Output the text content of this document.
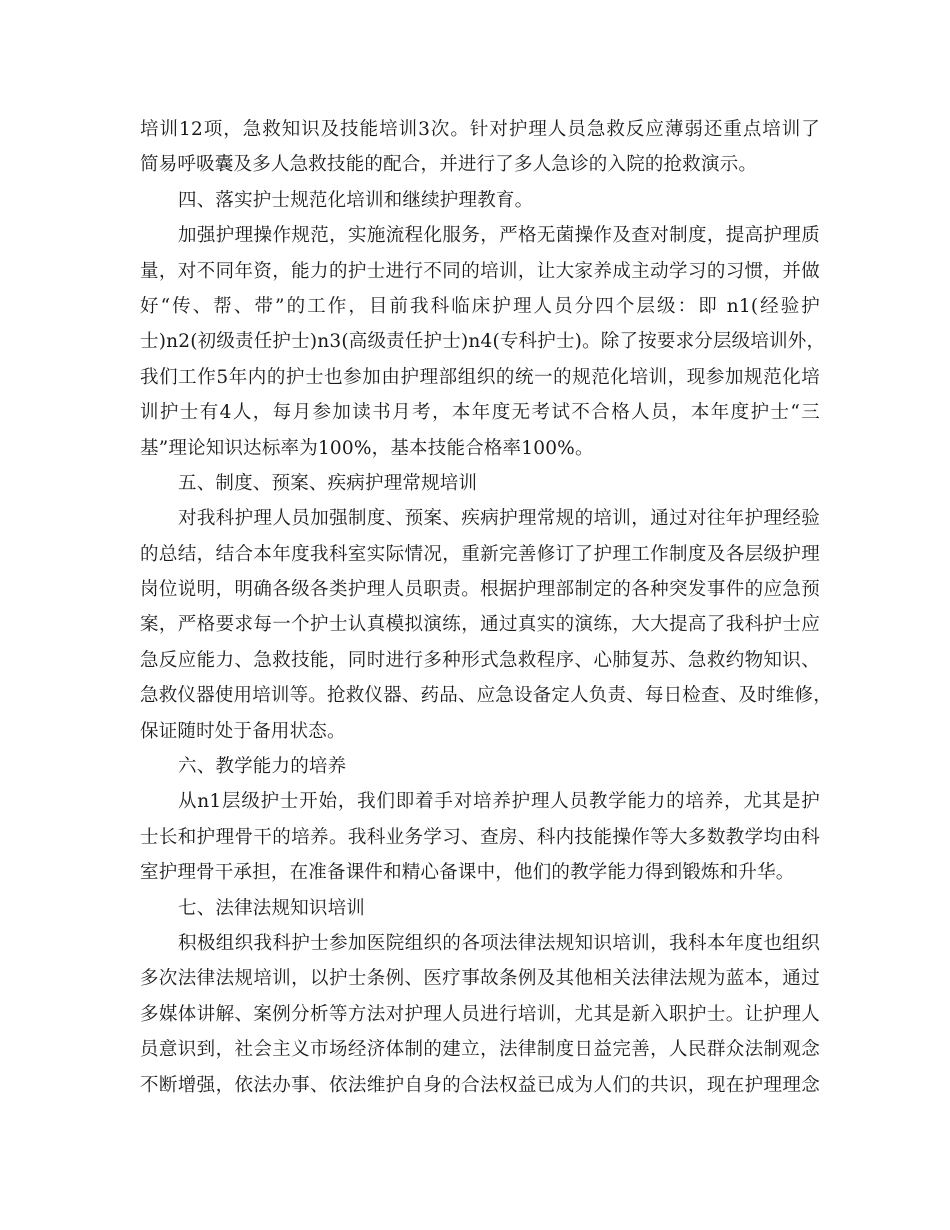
培训12项，急救知识及技能培训3次。针对护理人员急救反应薄弱还重点培训了
简易呼吸囊及多人急救技能的配合，并进行了多人急诊的入院的抢救演示。
四、落实护士规范化培训和继续护理教育。
加强护理操作规范，实施流程化服务，严格无菌操作及查对制度，提高护理质
量，对不同年资，能力的护士进行不同的培训，让大家养成主动学习的习惯，并做
好“传、帮、带”的工作，目前我科临床护理人员分四个层级：即 n1(经验护
士)n2(初级责任护士)n3(高级责任护士)n4(专科护士)。除了按要求分层级培训外，
我们工作5年内的护士也参加由护理部组织的统一的规范化培训，现参加规范化培
训护士有4人，每月参加读书月考，本年度无考试不合格人员，本年度护士“三
基”理论知识达标率为100%，基本技能合格率100%。
五、制度、预案、疾病护理常规培训
对我科护理人员加强制度、预案、疾病护理常规的培训，通过对往年护理经验
的总结，结合本年度我科室实际情况，重新完善修订了护理工作制度及各层级护理
岗位说明，明确各级各类护理人员职责。根据护理部制定的各种突发事件的应急预
案，严格要求每一个护士认真模拟演练，通过真实的演练，大大提高了我科护士应
急反应能力、急救技能，同时进行多种形式急救程序、心肺复苏、急救约物知识、
急救仪器使用培训等。抢救仪器、药品、应急设备定人负责、每日检查、及时维修，
保证随时处于备用状态。
六、教学能力的培养
从n1层级护士开始，我们即着手对培养护理人员教学能力的培养，尤其是护
士长和护理骨干的培养。我科业务学习、查房、科内技能操作等大多数教学均由科
室护理骨干承担，在准备课件和精心备课中，他们的教学能力得到锻炼和升华。
七、法律法规知识培训
积极组织我科护士参加医院组织的各项法律法规知识培训，我科本年度也组织
多次法律法规培训，以护士条例、医疗事故条例及其他相关法律法规为蓝本，通过
多媒体讲解、案例分析等方法对护理人员进行培训，尤其是新入职护士。让护理人
员意识到，社会主义市场经济体制的建立，法律制度日益完善，人民群众法制观念
不断增强，依法办事、依法维护自身的合法权益已成为人们的共识，现在护理理念
